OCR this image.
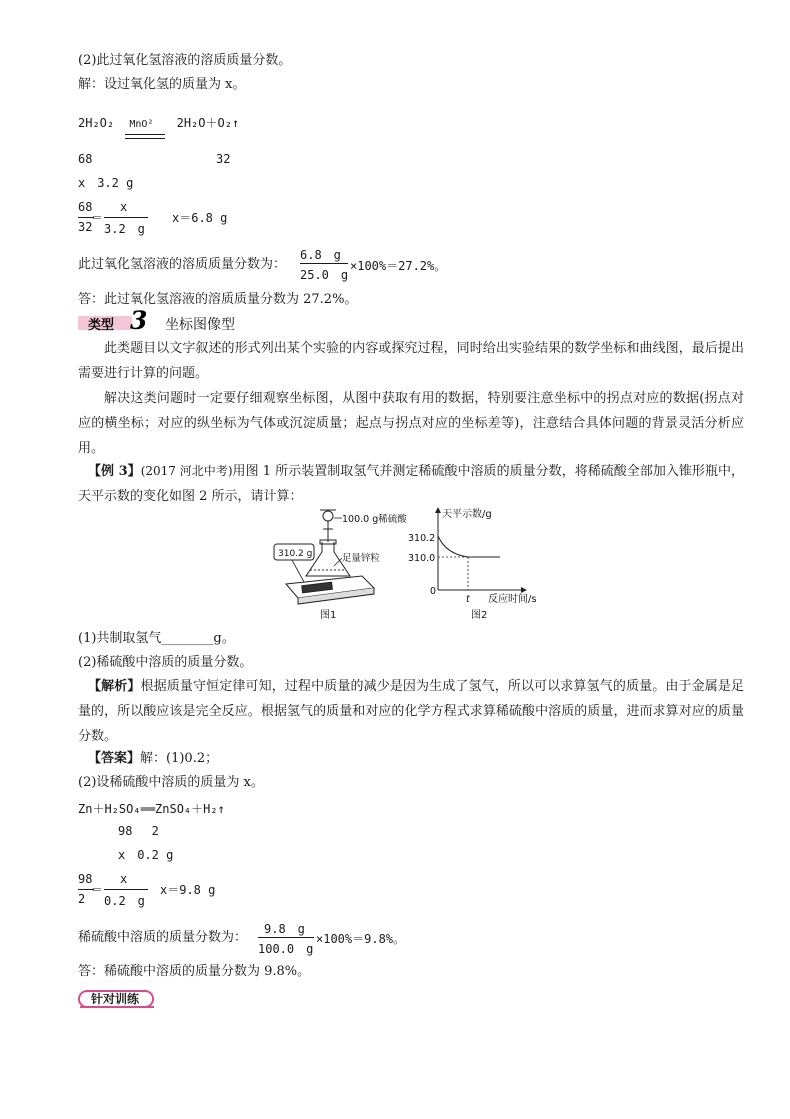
(2)此过氧化氢溶液的溶质质量分数。
解：设过氧化氢的质量为 x。
2H₂O₂ MnO² 2H₂O＋O₂↑
68	32
x　3.2 g
68
32
＝
x
3.2　g
x＝6.8 g
此过氧化氢溶液的溶质质量分数为：
6.8　g
25.0　g
×100%＝27.2%。
答：此过氧化氢溶液的溶质质量分数为 27.2%。
类型 3 坐标图像型
此类题目以文字叙述的形式列出某个实验的内容或探究过程，同时给出实验结果的数学坐标和曲线图，最后提出需要进行计算的问题。
解决这类问题时一定要仔细观察坐标图，从图中获取有用的数据，特别要注意坐标中的拐点对应的数据(拐点对应的横坐标；对应的纵坐标为气体或沉淀质量；起点与拐点对应的坐标差等)，注意结合具体问题的背景灵活分析应用。
【例 3】(2017 河北中考)用图 1 所示装置制取氢气并测定稀硫酸中溶质的质量分数，将稀硫酸全部加入锥形瓶中，天平示数的变化如图 2 所示，请计算：
100.0 g稀硫酸
310.2 g	足量锌粒
图1
天平示数/g
310.2
310.0
0
t 反应时间/s
图2
(1)共制取氢气________g。
(2)稀硫酸中溶质的质量分数。
【解析】根据质量守恒定律可知，过程中质量的减少是因为生成了氢气，所以可以求算氢气的质量。由于金属是足量的，所以酸应该是完全反应。根据氢气的质量和对应的化学方程式求算稀硫酸中溶质的质量，进而求算对应的质量分数。
【答案】解：(1)0.2；
(2)设稀硫酸中溶质的质量为 x。
Zn＋H₂SO₄══ZnSO₄＋H₂↑
98　 2
x　0.2 g
98
2
＝
x
0.2　g
x＝9.8 g
稀硫酸中溶质的质量分数为：
9.8　g
100.0　g
×100%＝9.8%。
答：稀硫酸中溶质的质量分数为 9.8%。
针对训练
